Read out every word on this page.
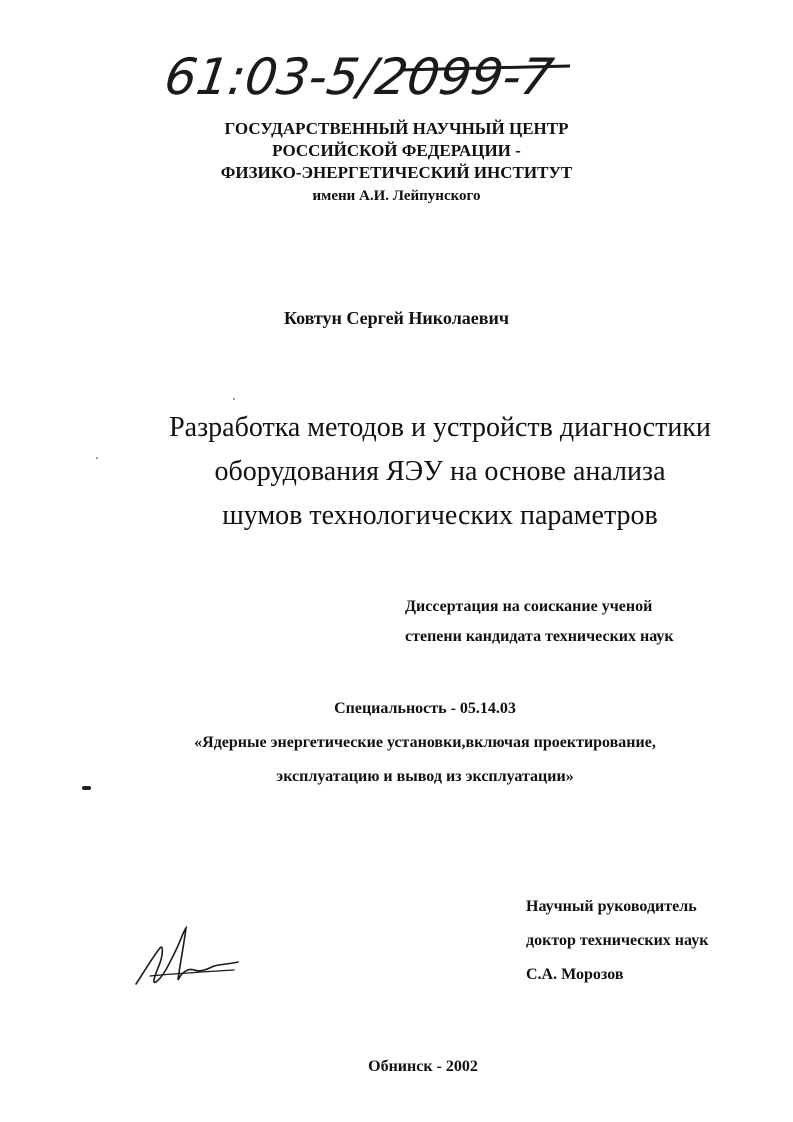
61:03-5/2099-7

ГОСУДАРСТВЕННЫЙ НАУЧНЫЙ ЦЕНТР

РОССИЙСКОЙ ФЕДЕРАЦИИ -

ФИЗИКО-ЭНЕРГЕТИЧЕСКИЙ ИНСТИТУТ

имени А.И. Лейпунского

Ковтун Сергей Николаевич

Разработка методов и устройств диагностики
оборудования ЯЭУ на основе анализа
шумов технологических параметров
Диссертация на соискание ученой
степени кандидата технических наук
Специальность - 05.14.03
«Ядерные энергетические установки,включая проектирование,
эксплуатацию и вывод из эксплуатации»
Научный руководитель
доктор технических наук
С.А. Морозов

Обнинск - 2002
